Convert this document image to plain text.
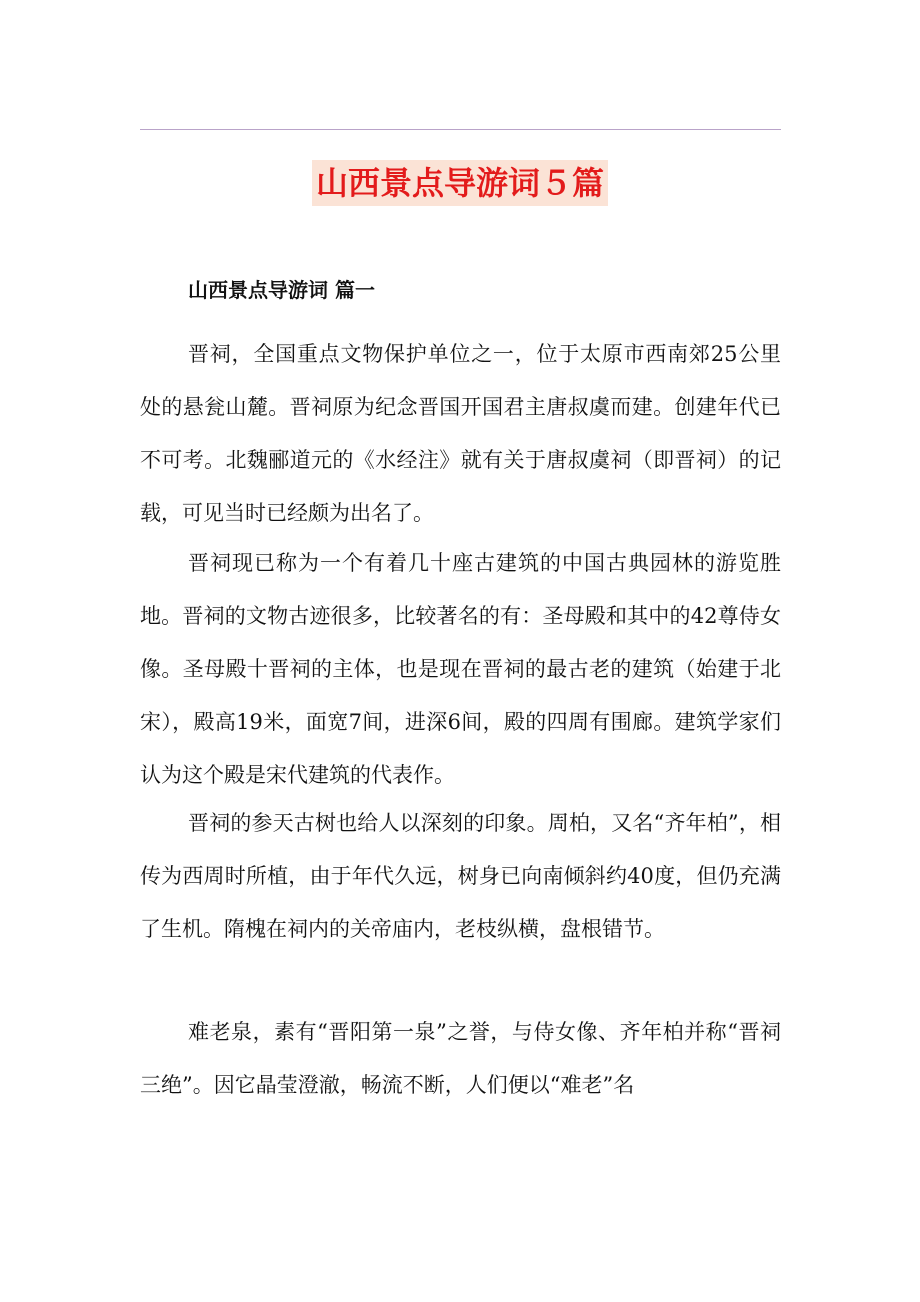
山西景点导游词５篇
山西景点导游词 篇一

晋祠，全国重点文物保护单位之一，位于太原市西南郊25公里处的悬瓮山麓。晋祠原为纪念晋国开国君主唐叔虞而建。创建年代已不可考。北魏郦道元的《水经注》就有关于唐叔虞祠（即晋祠）的记载，可见当时已经颇为出名了。

晋祠现已称为一个有着几十座古建筑的中国古典园林的游览胜地。晋祠的文物古迹很多，比较著名的有：圣母殿和其中的42尊侍女像。圣母殿十晋祠的主体，也是现在晋祠的最古老的建筑（始建于北宋），殿高19米，面宽7间，进深6间，殿的四周有围廊。建筑学家们认为这个殿是宋代建筑的代表作。

晋祠的参天古树也给人以深刻的印象。周柏，又名“齐年柏”，相传为西周时所植，由于年代久远，树身已向南倾斜约40度，但仍充满了生机。隋槐在祠内的关帝庙内，老枝纵横，盘根错节。

难老泉，素有“晋阳第一泉”之誉，与侍女像、齐年柏并称“晋祠三绝”。因它晶莹澄澈，畅流不断，人们便以“难老”名
